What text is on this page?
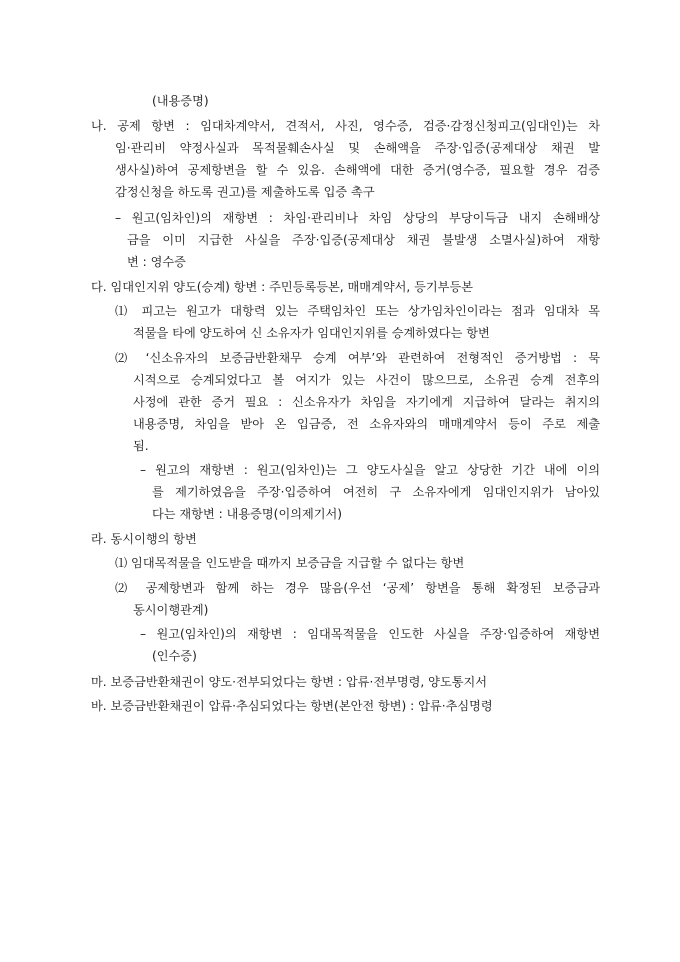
(내용증명)
나. 공제 항변 : 임대차계약서, 견적서, 사진, 영수증, 검증·감정신청피고(임대인)는 차
임·관리비 약정사실과 목적물훼손사실 및 손해액을 주장·입증(공제대상 채권 발
생사실)하여 공제항변을 할 수 있음. 손해액에 대한 증거(영수증, 필요할 경우 검증
감정신청을 하도록 권고)를 제출하도록 입증 촉구
– 원고(임차인)의 재항변 : 차임·관리비나 차임 상당의 부당이득금 내지 손해배상
금을 이미 지급한 사실을 주장·입증(공제대상 채권 불발생 소멸사실)하여 재항
변 : 영수증
다. 임대인지위 양도(승계) 항변 : 주민등록등본, 매매계약서, 등기부등본
⑴ 피고는 원고가 대항력 있는 주택임차인 또는 상가임차인이라는 점과 임대차 목
적물을 타에 양도하여 신 소유자가 임대인지위를 승계하였다는 항변
⑵ ‘신소유자의 보증금반환채무 승계 여부’와 관련하여 전형적인 증거방법 : 묵
시적으로 승계되었다고 볼 여지가 있는 사건이 많으므로, 소유권 승계 전후의
사정에 관한 증거 필요 : 신소유자가 차임을 자기에게 지급하여 달라는 취지의
내용증명, 차임을 받아 온 입금증, 전 소유자와의 매매계약서 등이 주로 제출
됨.
– 원고의 재항변 : 원고(임차인)는 그 양도사실을 알고 상당한 기간 내에 이의
를 제기하였음을 주장·입증하여 여전히 구 소유자에게 임대인지위가 남아있
다는 재항변 : 내용증명(이의제기서)
라. 동시이행의 항변
⑴ 임대목적물을 인도받을 때까지 보증금을 지급할 수 없다는 항변
⑵ 공제항변과 함께 하는 경우 많음(우선 ‘공제’ 항변을 통해 확정된 보증금과
동시이행관계)
– 원고(임차인)의 재항변 : 임대목적물을 인도한 사실을 주장·입증하여 재항변
(인수증)
마. 보증금반환채권이 양도·전부되었다는 항변 : 압류·전부명령, 양도통지서
바. 보증금반환채권이 압류·추심되었다는 항변(본안전 항변) : 압류·추심명령
